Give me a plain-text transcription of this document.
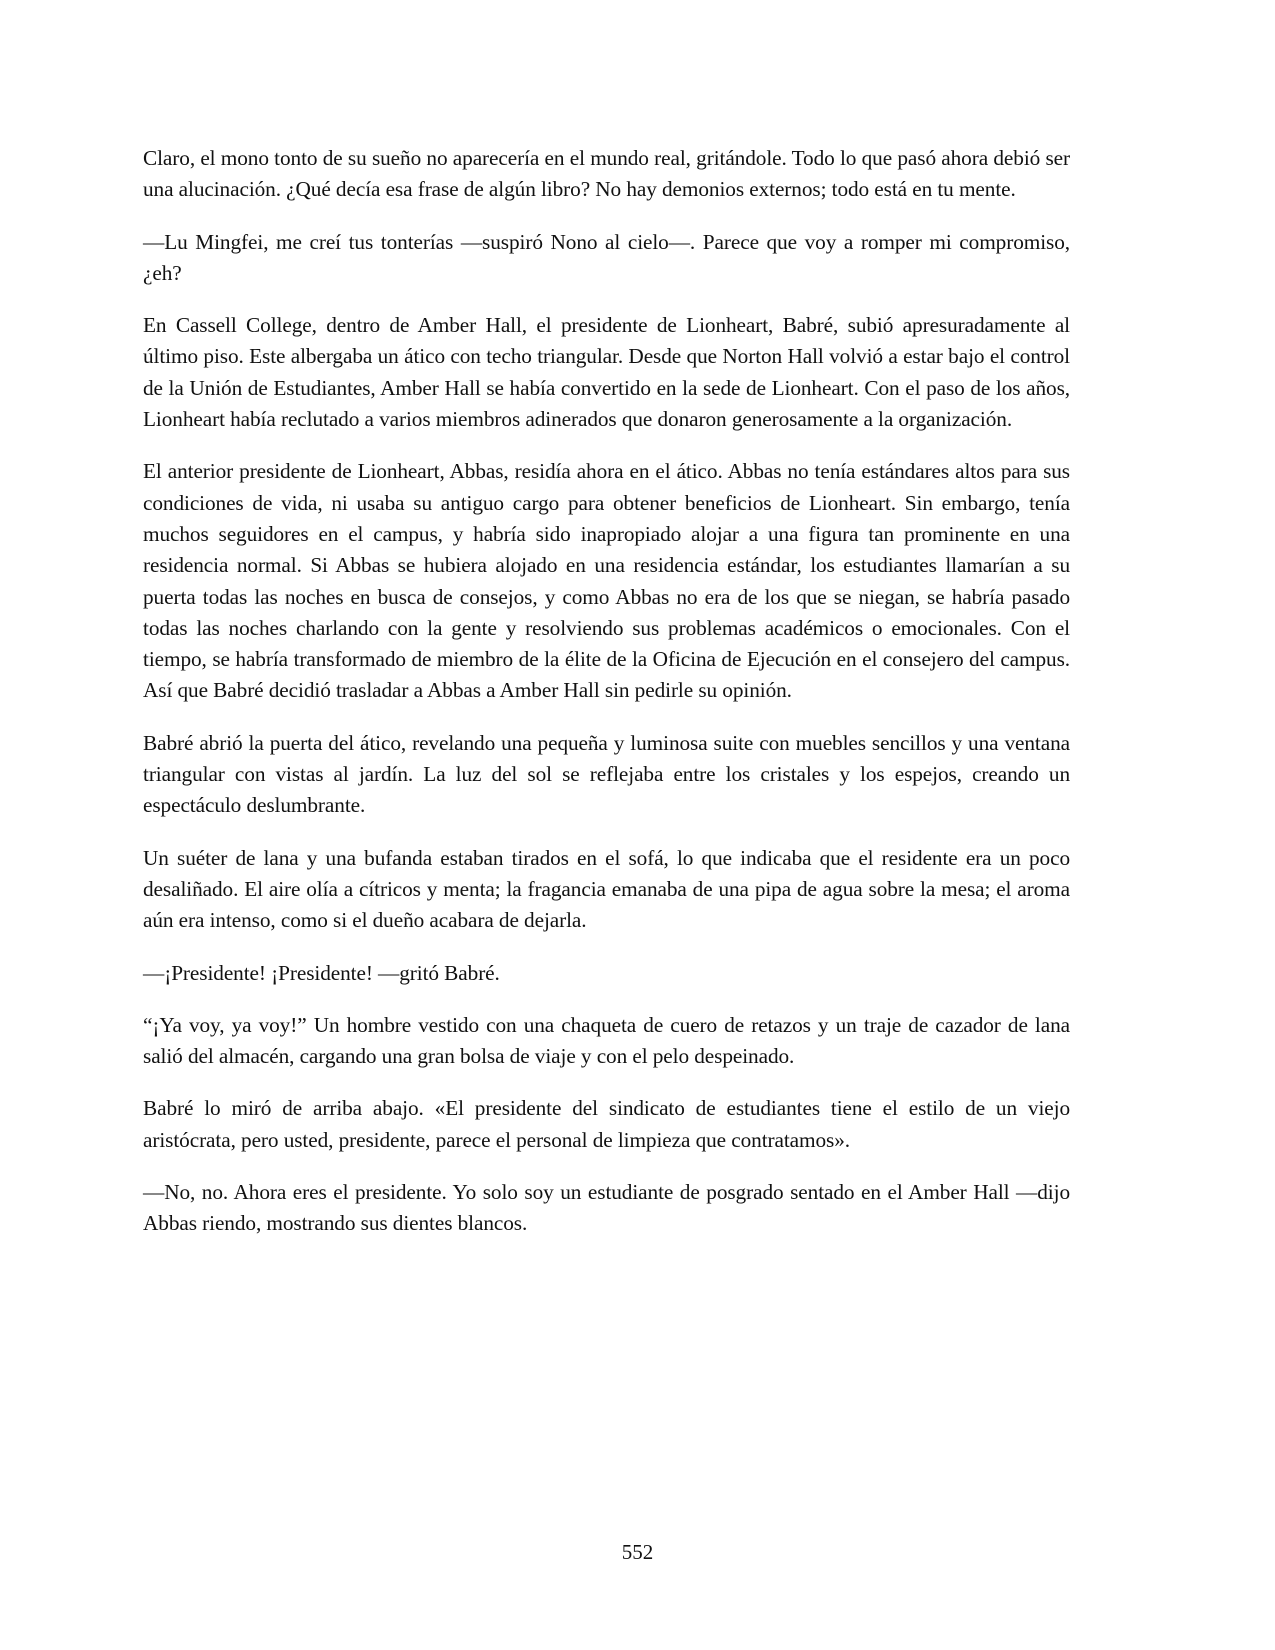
Claro, el mono tonto de su sueño no aparecería en el mundo real, gritándole. Todo lo que pasó ahora debió ser una alucinación. ¿Qué decía esa frase de algún libro? No hay demonios externos; todo está en tu mente.

—Lu Mingfei, me creí tus tonterías —suspiró Nono al cielo—. Parece que voy a romper mi compromiso, ¿eh?

En Cassell College, dentro de Amber Hall, el presidente de Lionheart, Babré, subió apresuradamente al último piso. Este albergaba un ático con techo triangular. Desde que Norton Hall volvió a estar bajo el control de la Unión de Estudiantes, Amber Hall se había convertido en la sede de Lionheart. Con el paso de los años, Lionheart había reclutado a varios miembros adinerados que donaron generosamente a la organización.

El anterior presidente de Lionheart, Abbas, residía ahora en el ático. Abbas no tenía estándares altos para sus condiciones de vida, ni usaba su antiguo cargo para obtener beneficios de Lionheart. Sin embargo, tenía muchos seguidores en el campus, y habría sido inapropiado alojar a una figura tan prominente en una residencia normal. Si Abbas se hubiera alojado en una residencia estándar, los estudiantes llamarían a su puerta todas las noches en busca de consejos, y como Abbas no era de los que se niegan, se habría pasado todas las noches charlando con la gente y resolviendo sus problemas académicos o emocionales. Con el tiempo, se habría transformado de miembro de la élite de la Oficina de Ejecución en el consejero del campus. Así que Babré decidió trasladar a Abbas a Amber Hall sin pedirle su opinión.

Babré abrió la puerta del ático, revelando una pequeña y luminosa suite con muebles sencillos y una ventana triangular con vistas al jardín. La luz del sol se reflejaba entre los cristales y los espejos, creando un espectáculo deslumbrante.

Un suéter de lana y una bufanda estaban tirados en el sofá, lo que indicaba que el residente era un poco desaliñado. El aire olía a cítricos y menta; la fragancia emanaba de una pipa de agua sobre la mesa; el aroma aún era intenso, como si el dueño acabara de dejarla.

—¡Presidente! ¡Presidente! —gritó Babré.

“¡Ya voy, ya voy!” Un hombre vestido con una chaqueta de cuero de retazos y un traje de cazador de lana salió del almacén, cargando una gran bolsa de viaje y con el pelo despeinado.

Babré lo miró de arriba abajo. «El presidente del sindicato de estudiantes tiene el estilo de un viejo aristócrata, pero usted, presidente, parece el personal de limpieza que contratamos».

—No, no. Ahora eres el presidente. Yo solo soy un estudiante de posgrado sentado en el Amber Hall —dijo Abbas riendo, mostrando sus dientes blancos.

552
